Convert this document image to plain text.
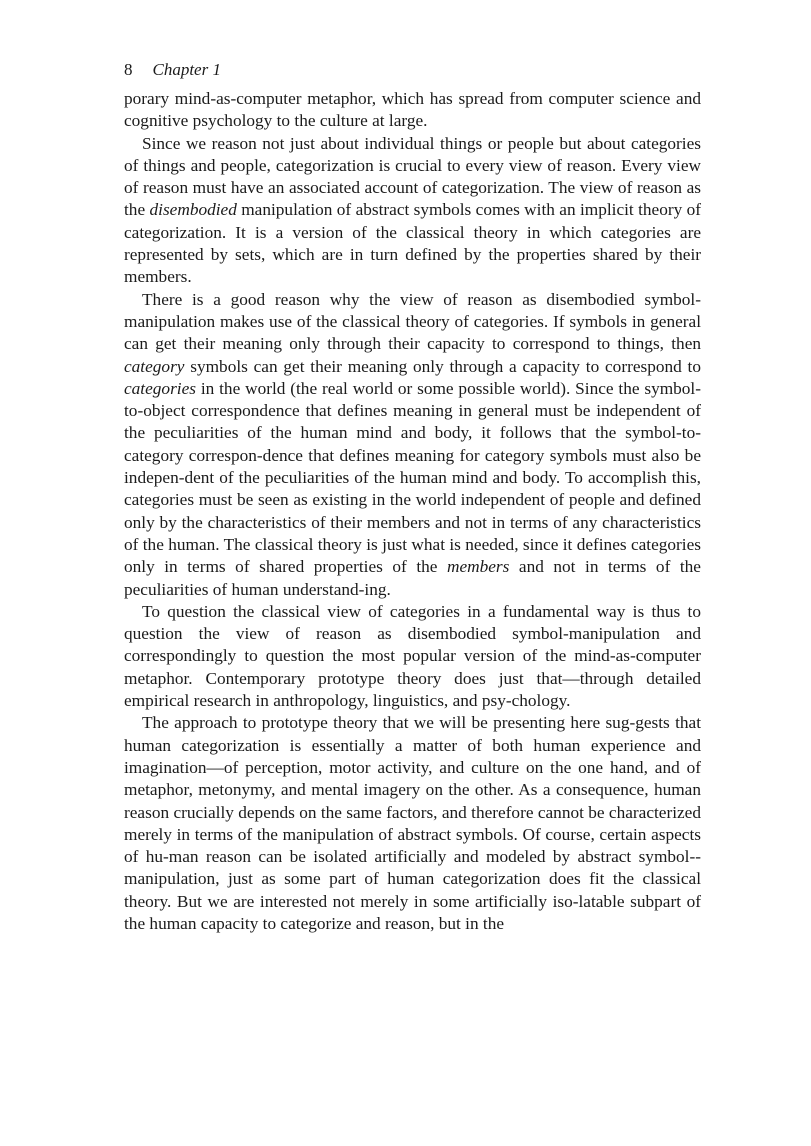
8 Chapter 1

porary mind-as-computer metaphor, which has spread from computer science and cognitive psychology to the culture at large.

Since we reason not just about individual things or people but about categories of things and people, categorization is crucial to every view of reason. Every view of reason must have an associated account of categorization. The view of reason as the disembodied manipulation of abstract symbols comes with an implicit theory of categorization. It is a version of the classical theory in which categories are represented by sets, which are in turn defined by the properties shared by their members.

There is a good reason why the view of reason as disembodied symbol-manipulation makes use of the classical theory of categories. If symbols in general can get their meaning only through their capacity to correspond to things, then category symbols can get their meaning only through a capacity to correspond to categories in the world (the real world or some possible world). Since the symbol-to-object correspondence that defines meaning in general must be independent of the peculiarities of the human mind and body, it follows that the symbol-to-category correspon-dence that defines meaning for category symbols must also be indepen-dent of the peculiarities of the human mind and body. To accomplish this, categories must be seen as existing in the world independent of people and defined only by the characteristics of their members and not in terms of any characteristics of the human. The classical theory is just what is needed, since it defines categories only in terms of shared properties of the members and not in terms of the peculiarities of human understand-ing.

To question the classical view of categories in a fundamental way is thus to question the view of reason as disembodied symbol-manipulation and correspondingly to question the most popular version of the mind-as-computer metaphor. Contemporary prototype theory does just that—through detailed empirical research in anthropology, linguistics, and psy-chology.

The approach to prototype theory that we will be presenting here sug-gests that human categorization is essentially a matter of both human experience and imagination—of perception, motor activity, and culture on the one hand, and of metaphor, metonymy, and mental imagery on the other. As a consequence, human reason crucially depends on the same factors, and therefore cannot be characterized merely in terms of the manipulation of abstract symbols. Of course, certain aspects of hu-man reason can be isolated artificially and modeled by abstract symbol-manipulation, just as some part of human categorization does fit the classical theory. But we are interested not merely in some artificially iso-latable subpart of the human capacity to categorize and reason, but in the
